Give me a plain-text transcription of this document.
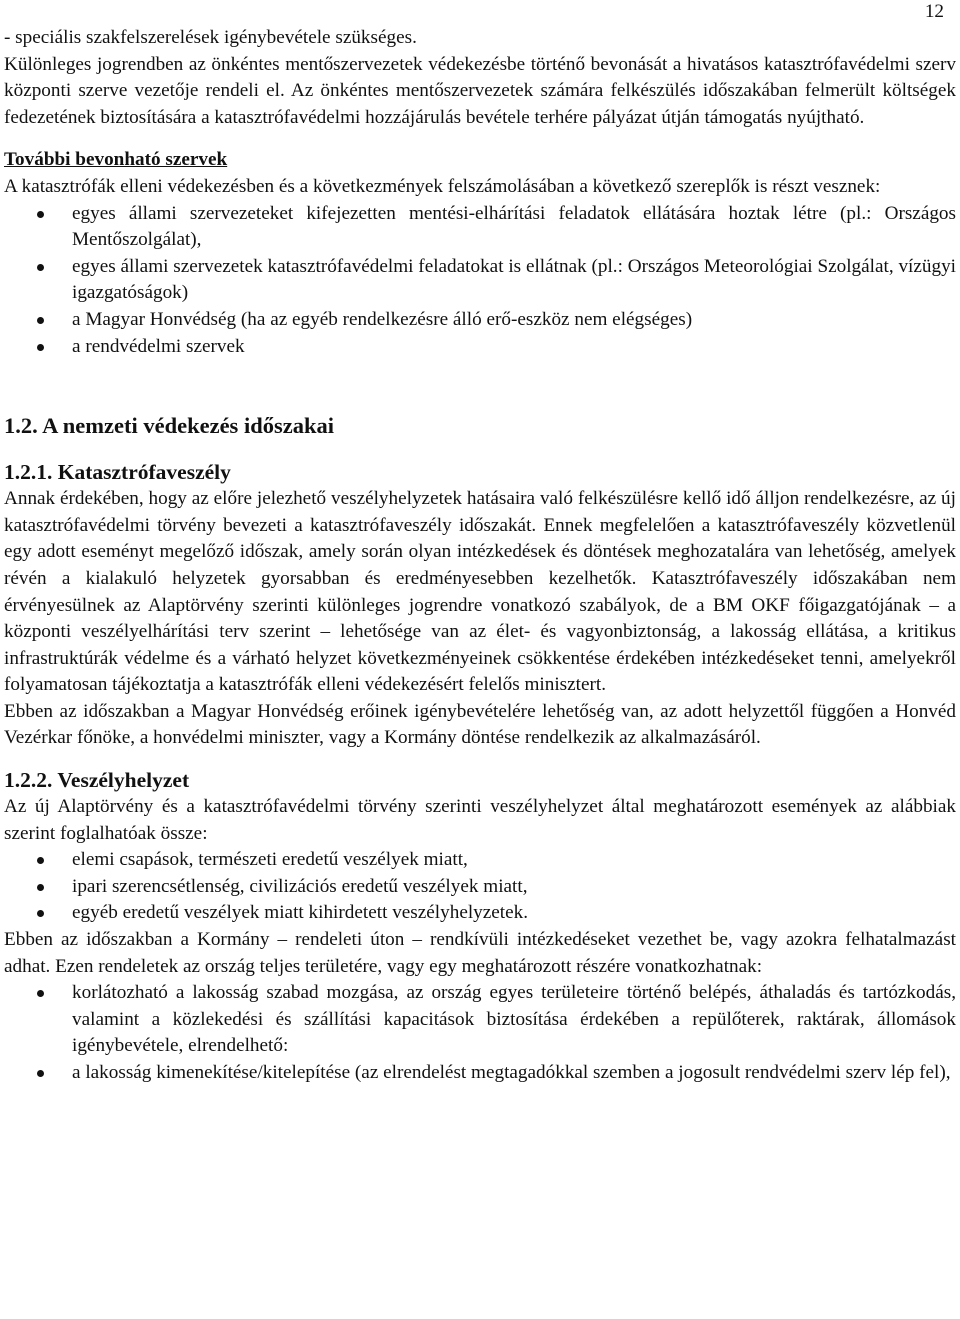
12

- speciális szakfelszerelések igénybevétele szükséges.

Különleges jogrendben az önkéntes mentőszervezetek védekezésbe történő bevonását a hivatásos katasztrófavédelmi szerv központi szerve vezetője rendeli el. Az önkéntes mentőszervezetek számára felkészülés időszakában felmerült költségek fedezetének biztosítására a katasztrófavédelmi hozzájárulás bevétele terhére pályázat útján támogatás nyújtható.

További bevonható szervek

A katasztrófák elleni védekezésben és a következmények felszámolásában a következő szereplők is részt vesznek:

egyes állami szervezeteket kifejezetten mentési-elhárítási feladatok ellátására hoztak létre (pl.: Országos Mentőszolgálat),
egyes állami szervezetek katasztrófavédelmi feladatokat is ellátnak (pl.: Országos Meteorológiai Szolgálat, vízügyi igazgatóságok)
a Magyar Honvédség (ha az egyéb rendelkezésre álló erő-eszköz nem elégséges)
a rendvédelmi szervek

1.2. A nemzeti védekezés időszakai

1.2.1. Katasztrófaveszély

Annak érdekében, hogy az előre jelezhető veszélyhelyzetek hatásaira való felkészülésre kellő idő álljon rendelkezésre, az új katasztrófavédelmi törvény bevezeti a katasztrófaveszély időszakát. Ennek megfelelően a katasztrófaveszély közvetlenül egy adott eseményt megelőző időszak, amely során olyan intézkedések és döntések meghozatalára van lehetőség, amelyek révén a kialakuló helyzetek gyorsabban és eredményesebben kezelhetők. Katasztrófaveszély időszakában nem érvényesülnek az Alaptörvény szerinti különleges jogrendre vonatkozó szabályok, de a BM OKF főigazgatójának – a központi veszélyelhárítási terv szerint – lehetősége van az élet- és vagyonbiztonság, a lakosság ellátása, a kritikus infrastruktúrák védelme és a várható helyzet következményeinek csökkentése érdekében intézkedéseket tenni, amelyekről folyamatosan tájékoztatja a katasztrófák elleni védekezésért felelős minisztert.

Ebben az időszakban a Magyar Honvédség erőinek igénybevételére lehetőség van, az adott helyzettől függően a Honvéd Vezérkar főnöke, a honvédelmi miniszter, vagy a Kormány döntése rendelkezik az alkalmazásáról.

1.2.2. Veszélyhelyzet

Az új Alaptörvény és a katasztrófavédelmi törvény szerinti veszélyhelyzet által meghatározott események az alábbiak szerint foglalhatóak össze:

elemi csapások, természeti eredetű veszélyek miatt,
ipari szerencsétlenség, civilizációs eredetű veszélyek miatt,
egyéb eredetű veszélyek miatt kihirdetett veszélyhelyzetek.

Ebben az időszakban a Kormány – rendeleti úton – rendkívüli intézkedéseket vezethet be, vagy azokra felhatalmazást adhat. Ezen rendeletek az ország teljes területére, vagy egy meghatározott részére vonatkozhatnak:

korlátozható a lakosság szabad mozgása, az ország egyes területeire történő belépés, áthaladás és tartózkodás, valamint a közlekedési és szállítási kapacitások biztosítása érdekében a repülőterek, raktárak, állomások igénybevétele, elrendelhető:
a lakosság kimenekítése/kitelepítése (az elrendelést megtagadókkal szemben a jogosult rendvédelmi szerv lép fel),
